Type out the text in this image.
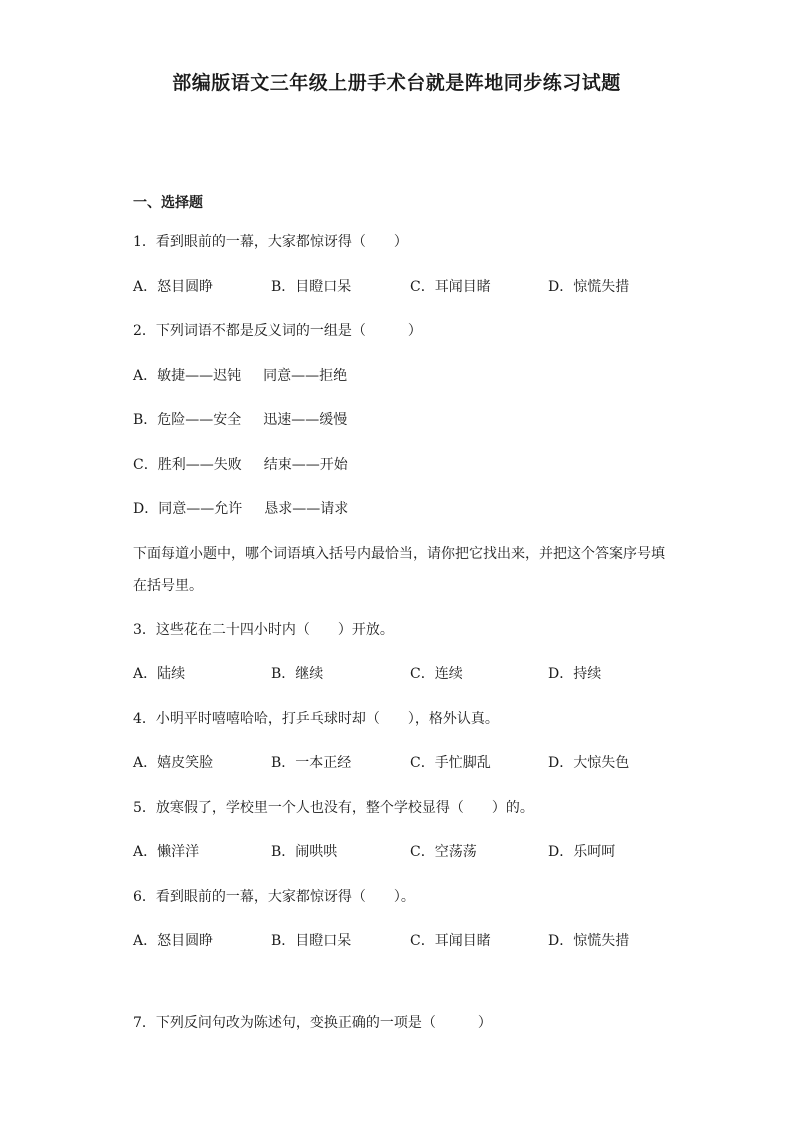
部编版语文三年级上册手术台就是阵地同步练习试题
一、选择题
1．看到眼前的一幕，大家都惊讶得（　　）
A．怒目圆睁	B．目瞪口呆	C．耳闻目睹	D．惊慌失措
2．下列词语不都是反义词的一组是（　　　）
A．敏捷——迟钝 同意——拒绝
B．危险——安全 迅速——缓慢
C．胜利——失败 结束——开始
D．同意——允许 恳求——请求
下面每道小题中，哪个词语填入括号内最恰当，请你把它找出来，并把这个答案序号填
在括号里。
3．这些花在二十四小时内（　　）开放。
A．陆续	B．继续	C．连续	D．持续
4．小明平时嘻嘻哈哈，打乒乓球时却（　　），格外认真。
A．嬉皮笑脸	B．一本正经	C．手忙脚乱	D．大惊失色
5．放寒假了，学校里一个人也没有，整个学校显得（　　）的。
A．懒洋洋	B．闹哄哄	C．空荡荡	D．乐呵呵
6．看到眼前的一幕，大家都惊讶得（　　）。
A．怒目圆睁	B．目瞪口呆	C．耳闻目睹	D．惊慌失措
7．下列反问句改为陈述句，变换正确的一项是（　　　）
